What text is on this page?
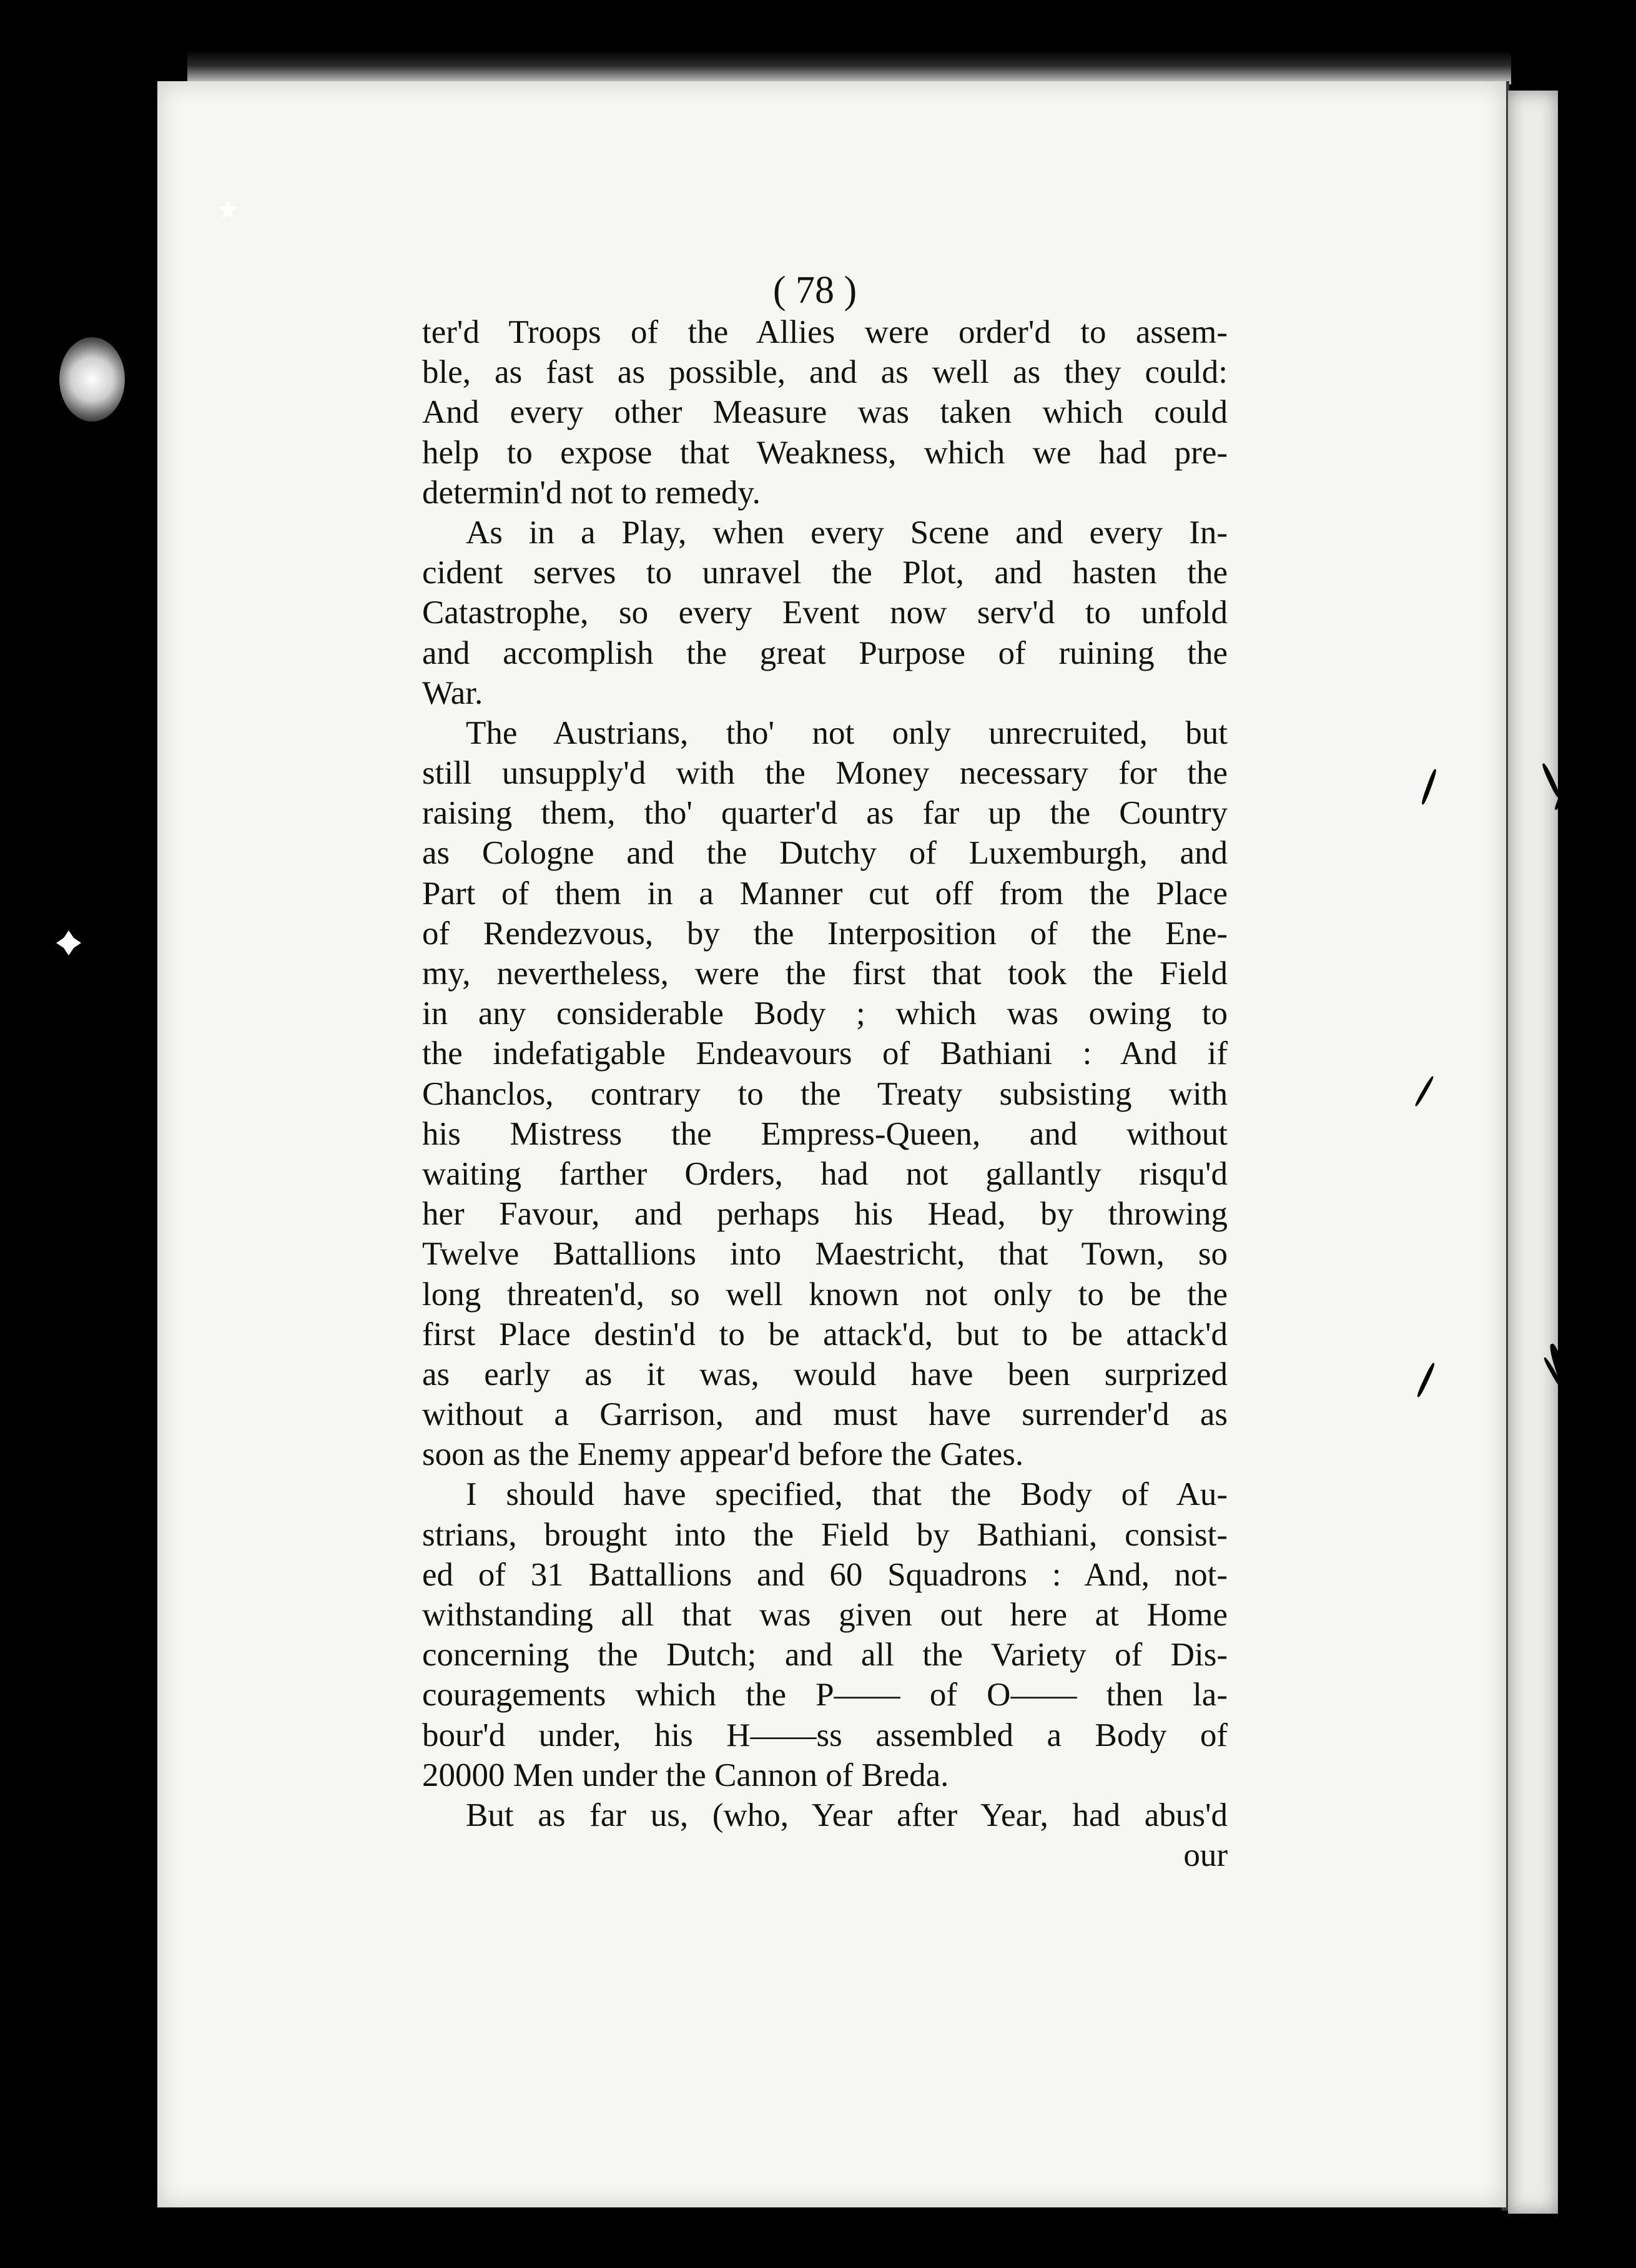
( 78 )
ter'd Troops of the Allies were order'd to assem-
ble, as fast as possible, and as well as they could:
And every other Measure was taken which could
help to expose that Weakness, which we had pre-
determin'd not to remedy.
As in a Play, when every Scene and every In-
cident serves to unravel the Plot, and hasten the
Catastrophe, so every Event now serv'd to unfold
and accomplish the great Purpose of ruining the
War.
The Austrians, tho' not only unrecruited, but
still unsupply'd with the Money necessary for the
raising them, tho' quarter'd as far up the Country
as Cologne and the Dutchy of Luxemburgh, and
Part of them in a Manner cut off from the Place
of Rendezvous, by the Interposition of the Ene-
my, nevertheless, were the first that took the Field
in any considerable Body ; which was owing to
the indefatigable Endeavours of Bathiani : And if
Chanclos, contrary to the Treaty subsisting with
his Mistress the Empress-Queen, and without
waiting farther Orders, had not gallantly risqu'd
her Favour, and perhaps his Head, by throwing
Twelve Battallions into Maestricht, that Town, so
long threaten'd, so well known not only to be the
first Place destin'd to be attack'd, but to be attack'd
as early as it was, would have been surprized
without a Garrison, and must have surrender'd as
soon as the Enemy appear'd before the Gates.
I should have specified, that the Body of Au-
strians, brought into the Field by Bathiani, consist-
ed of 31 Battallions and 60 Squadrons : And, not-
withstanding all that was given out here at Home
concerning the Dutch; and all the Variety of Dis-
couragements which the P—— of O—— then la-
bour'd under, his H——ss assembled a Body of
20000 Men under the Cannon of Breda.
But as far us, (who, Year after Year, had abus'd
our
